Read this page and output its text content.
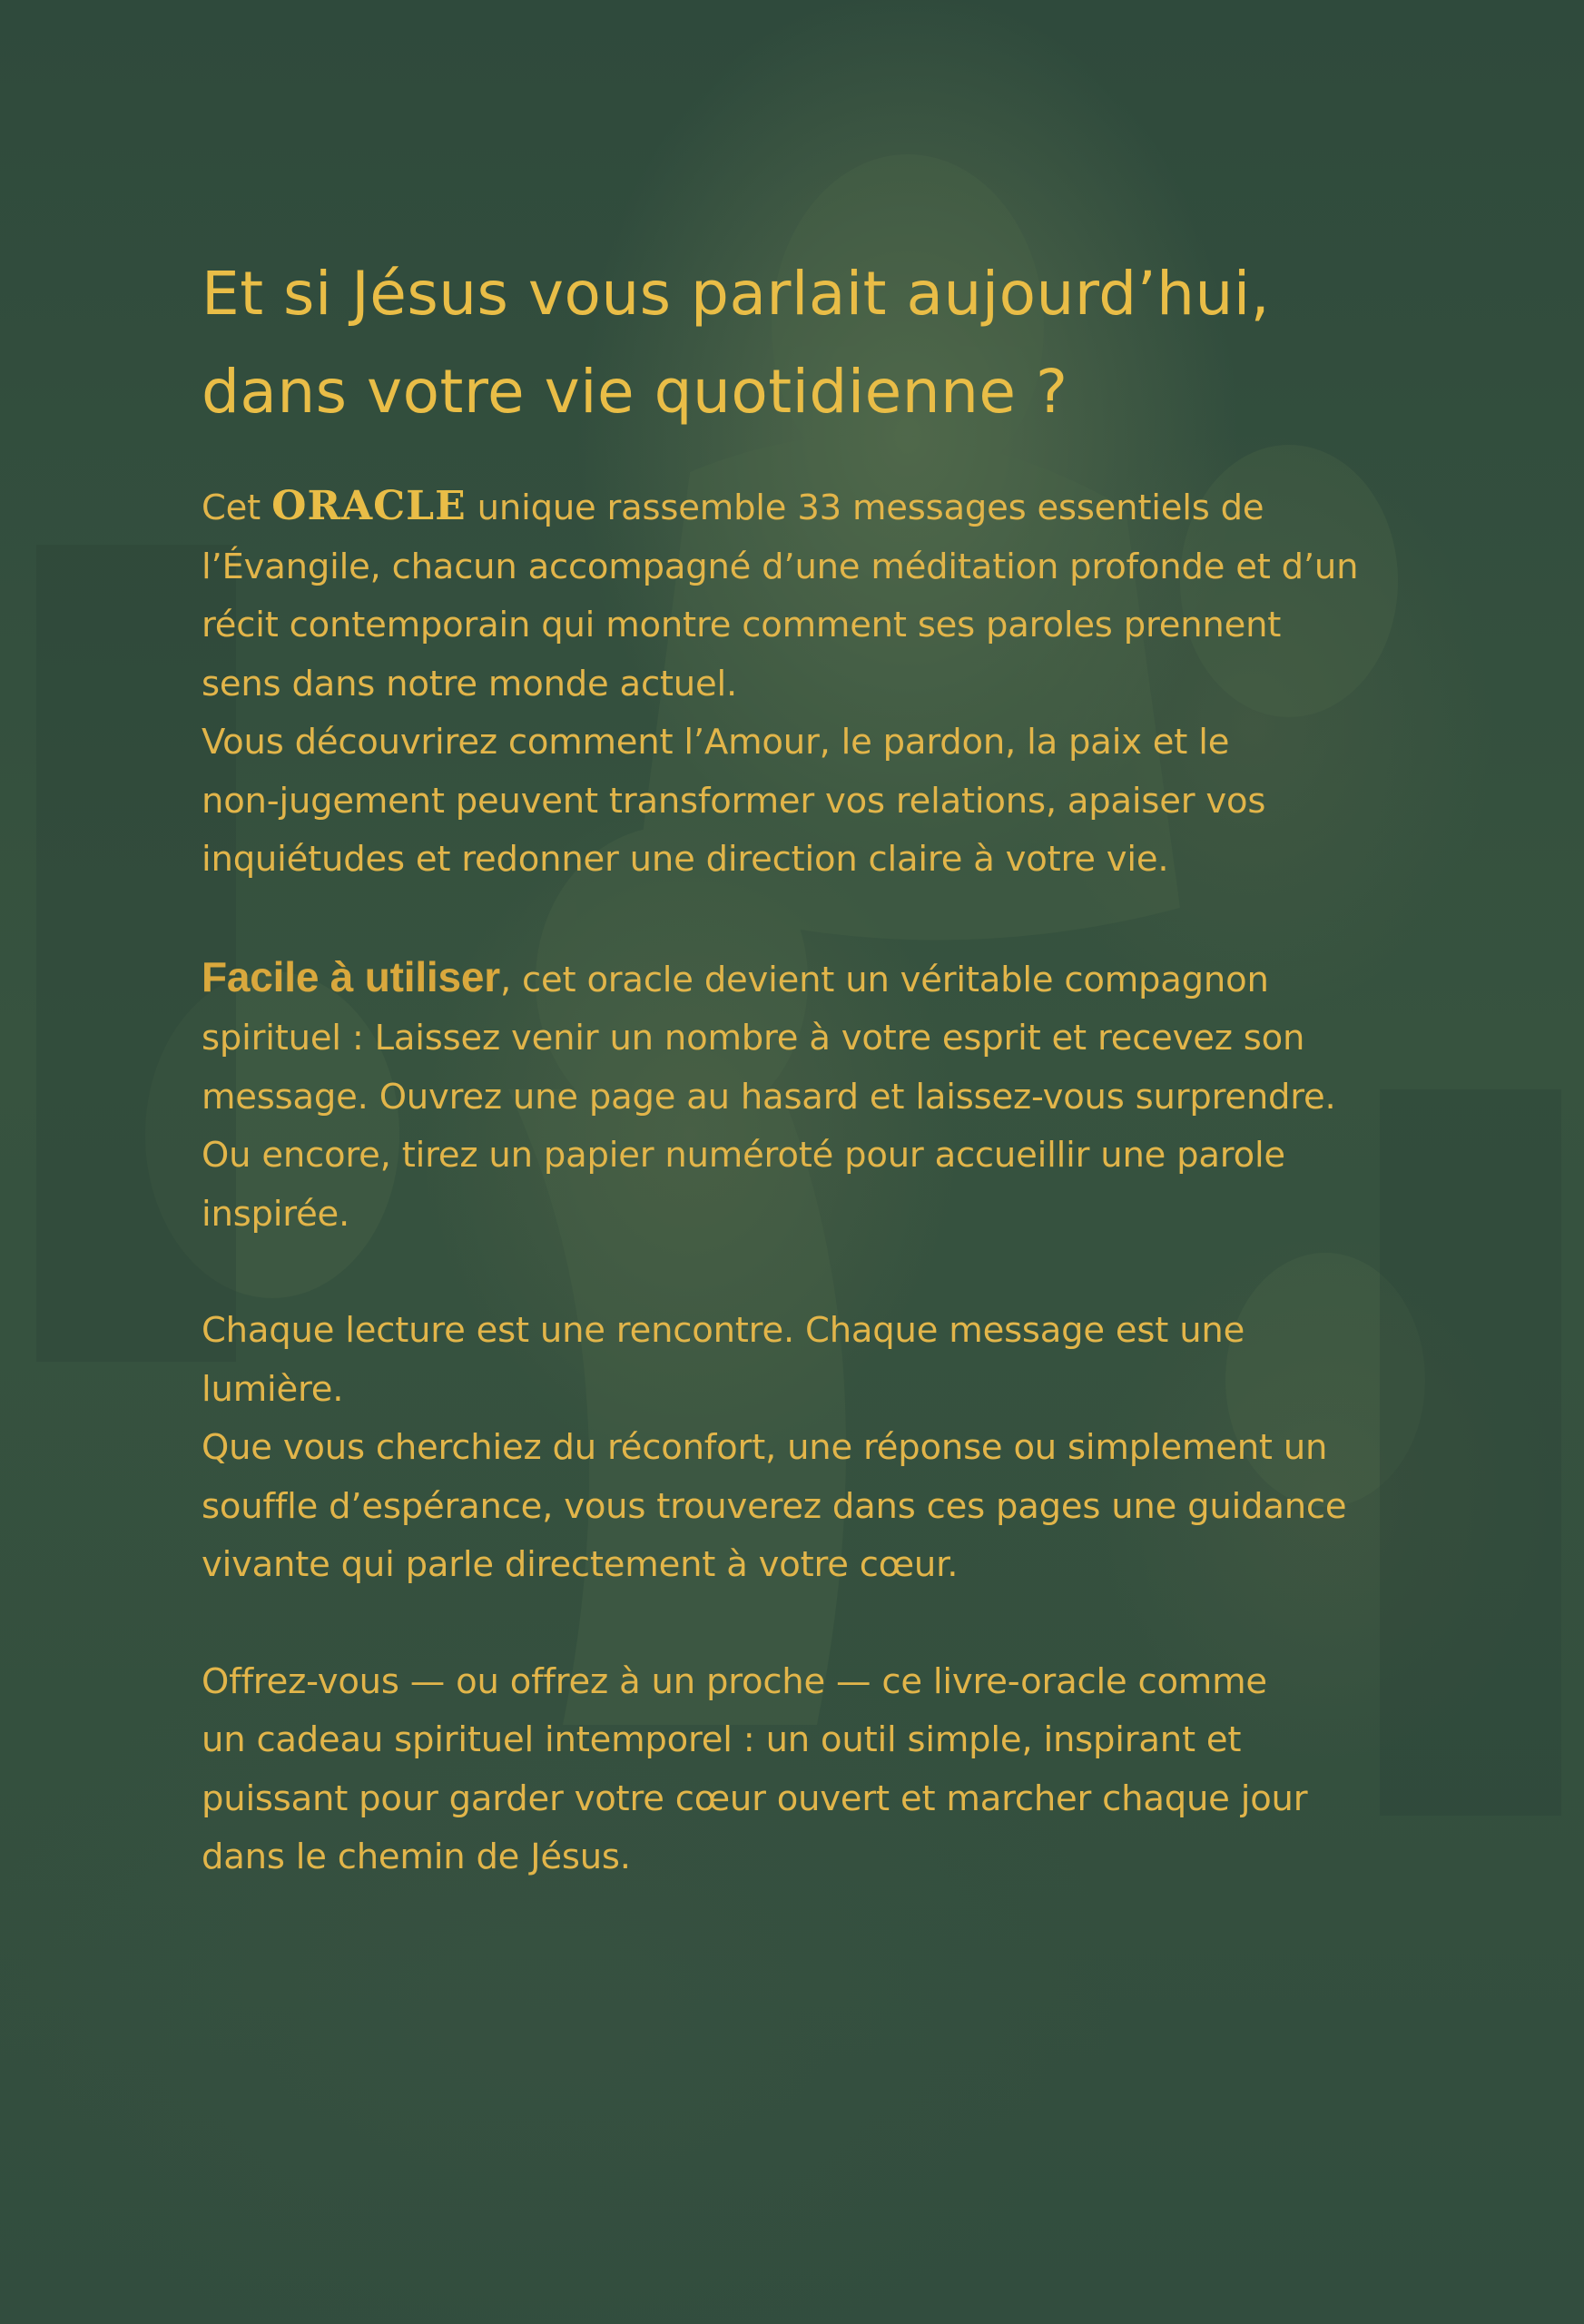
Et si Jésus vous parlait aujourd’hui,
dans votre vie quotidienne ?

Cet ORACLE unique rassemble 33 messages essentiels de
l’Évangile, chacun accompagné d’une méditation profonde et d’un
récit contemporain qui montre comment ses paroles prennent
sens dans notre monde actuel.
Vous découvrirez comment l’Amour, le pardon, la paix et le
non-jugement peuvent transformer vos relations, apaiser vos
inquiétudes et redonner une direction claire à votre vie.

Facile à utiliser, cet oracle devient un véritable compagnon
spirituel : Laissez venir un nombre à votre esprit et recevez son
message. Ouvrez une page au hasard et laissez-vous surprendre.
Ou encore, tirez un papier numéroté pour accueillir une parole
inspirée.

Chaque lecture est une rencontre. Chaque message est une
lumière.
Que vous cherchiez du réconfort, une réponse ou simplement un
souffle d’espérance, vous trouverez dans ces pages une guidance
vivante qui parle directement à votre cœur.

Offrez-vous — ou offrez à un proche — ce livre-oracle comme
un cadeau spirituel intemporel : un outil simple, inspirant et
puissant pour garder votre cœur ouvert et marcher chaque jour
dans le chemin de Jésus.
